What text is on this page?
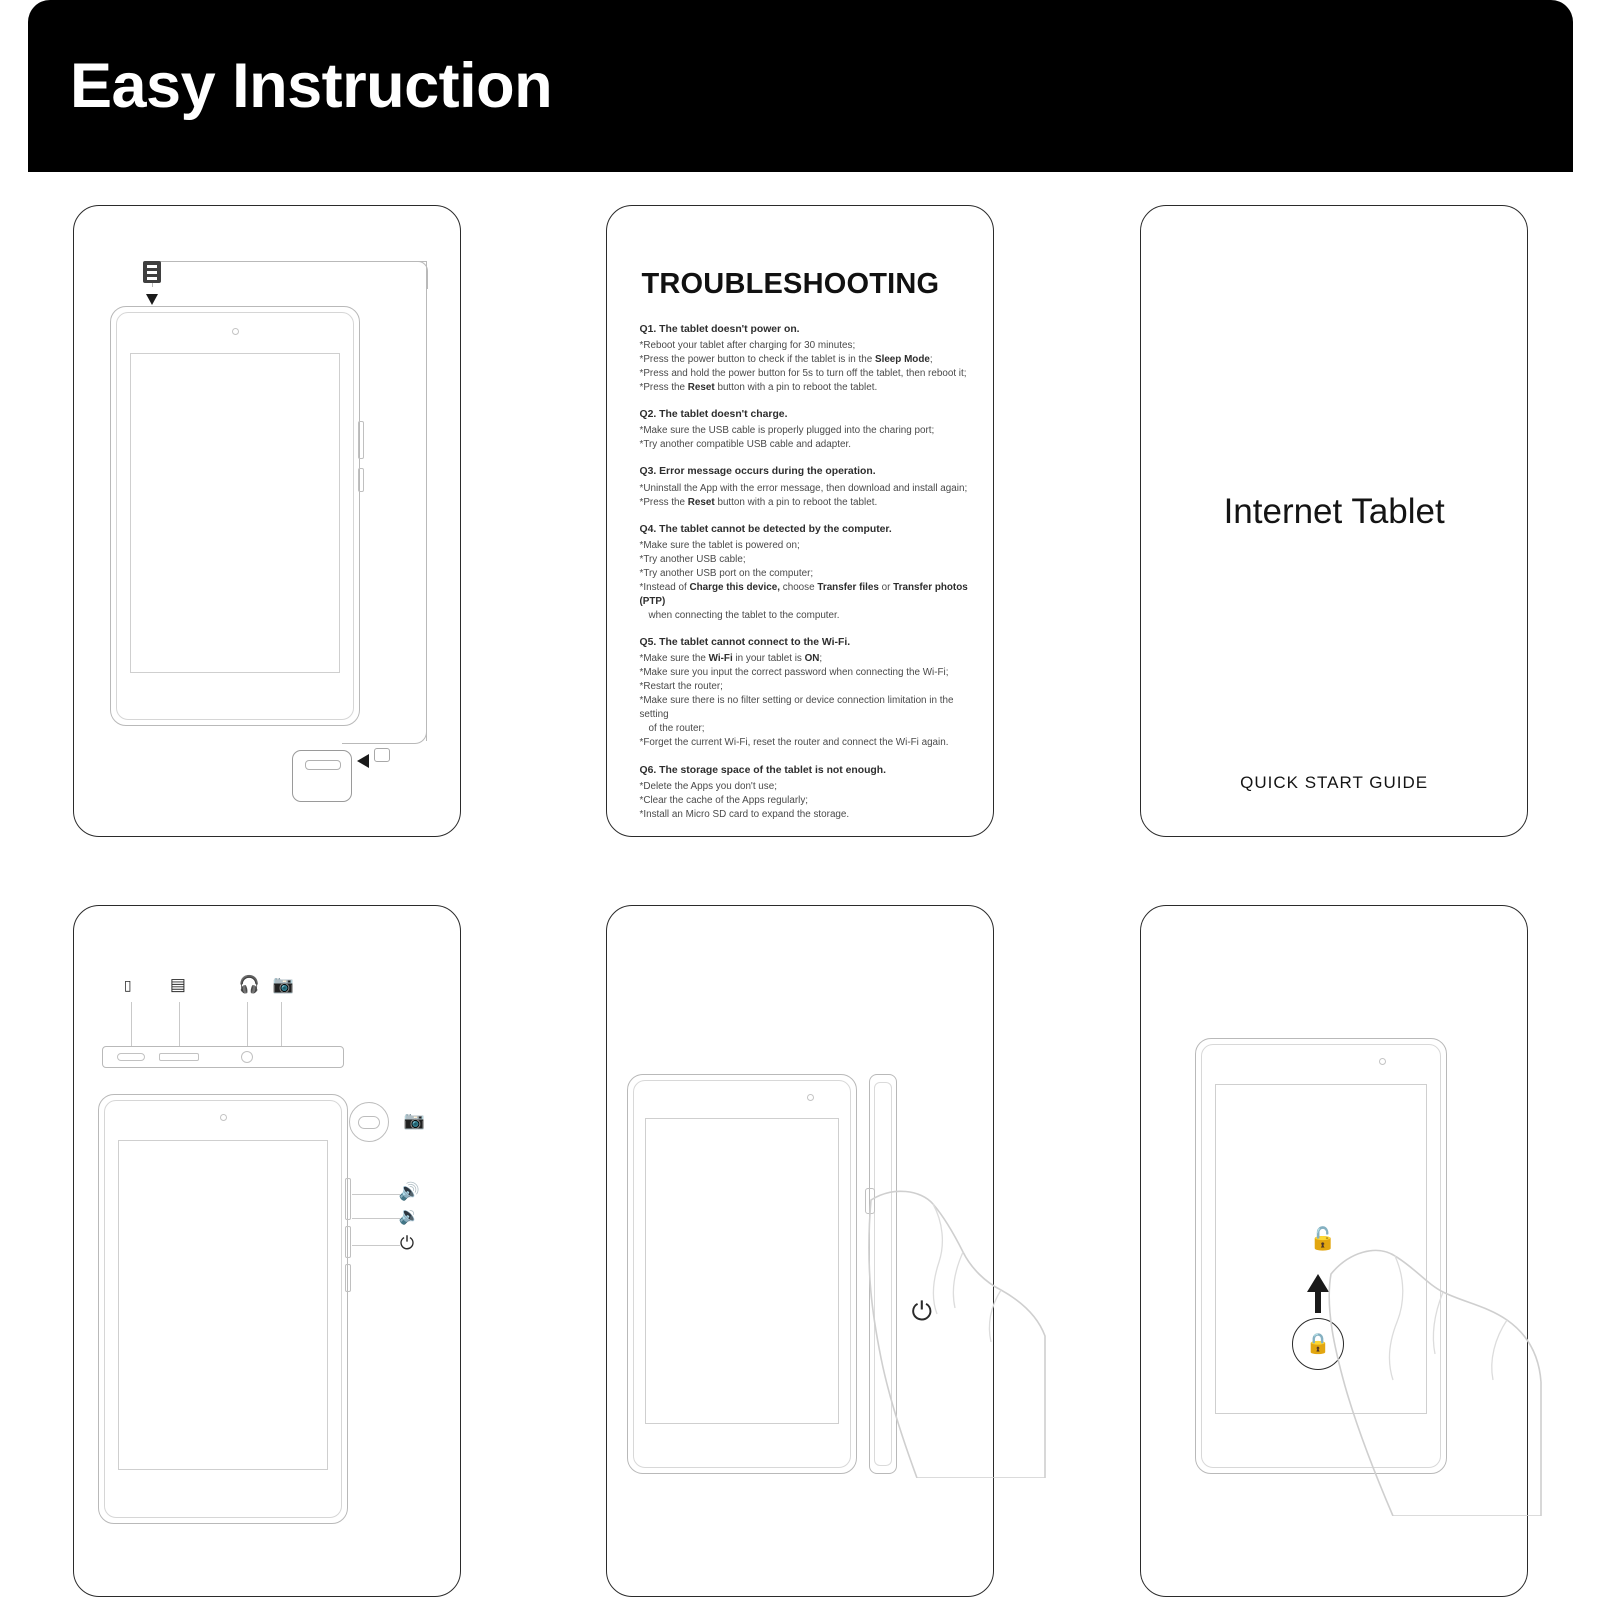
Easy Instruction
TROUBLESHOOTING

Q1. The tablet doesn't power on.

*Reboot your tablet after charging for 30 minutes;

*Press the power button to check if the tablet is in the Sleep Mode;

*Press and hold the power button for 5s to turn off the tablet, then reboot it;

*Press the Reset button with a pin to reboot the tablet.

Q2. The tablet doesn't charge.

*Make sure the USB cable is properly plugged into the charing port;

*Try another compatible USB cable and adapter.

Q3. Error message occurs during the operation.

*Uninstall the App with the error message, then download and install again;

*Press the Reset button with a pin to reboot the tablet.

Q4. The tablet cannot be detected by the computer.

*Make sure the tablet is powered on;

*Try another USB cable;

*Try another USB port on the computer;

*Instead of Charge this device, choose Transfer files or Transfer photos (PTP)

when connecting the tablet to the computer.

Q5. The tablet cannot connect to the Wi-Fi.

*Make sure the Wi-Fi in your tablet is ON;

*Make sure you input the correct password when connecting the Wi-Fi;

*Restart the router;

*Make sure there is no filter setting or device connection limitation in the setting

of the router;

*Forget the current Wi-Fi, reset the router and connect the Wi-Fi again.

Q6. The storage space of the tablet is not enough.

*Delete the Apps you don't use;

*Clear the cache of the Apps regularly;

*Install an Micro SD card to expand the storage.

Internet Tablet
QUICK START GUIDE
▯ ▤	🎧 📷
📷
🔊
🔉
⏻
⏻
🔓
🔒
